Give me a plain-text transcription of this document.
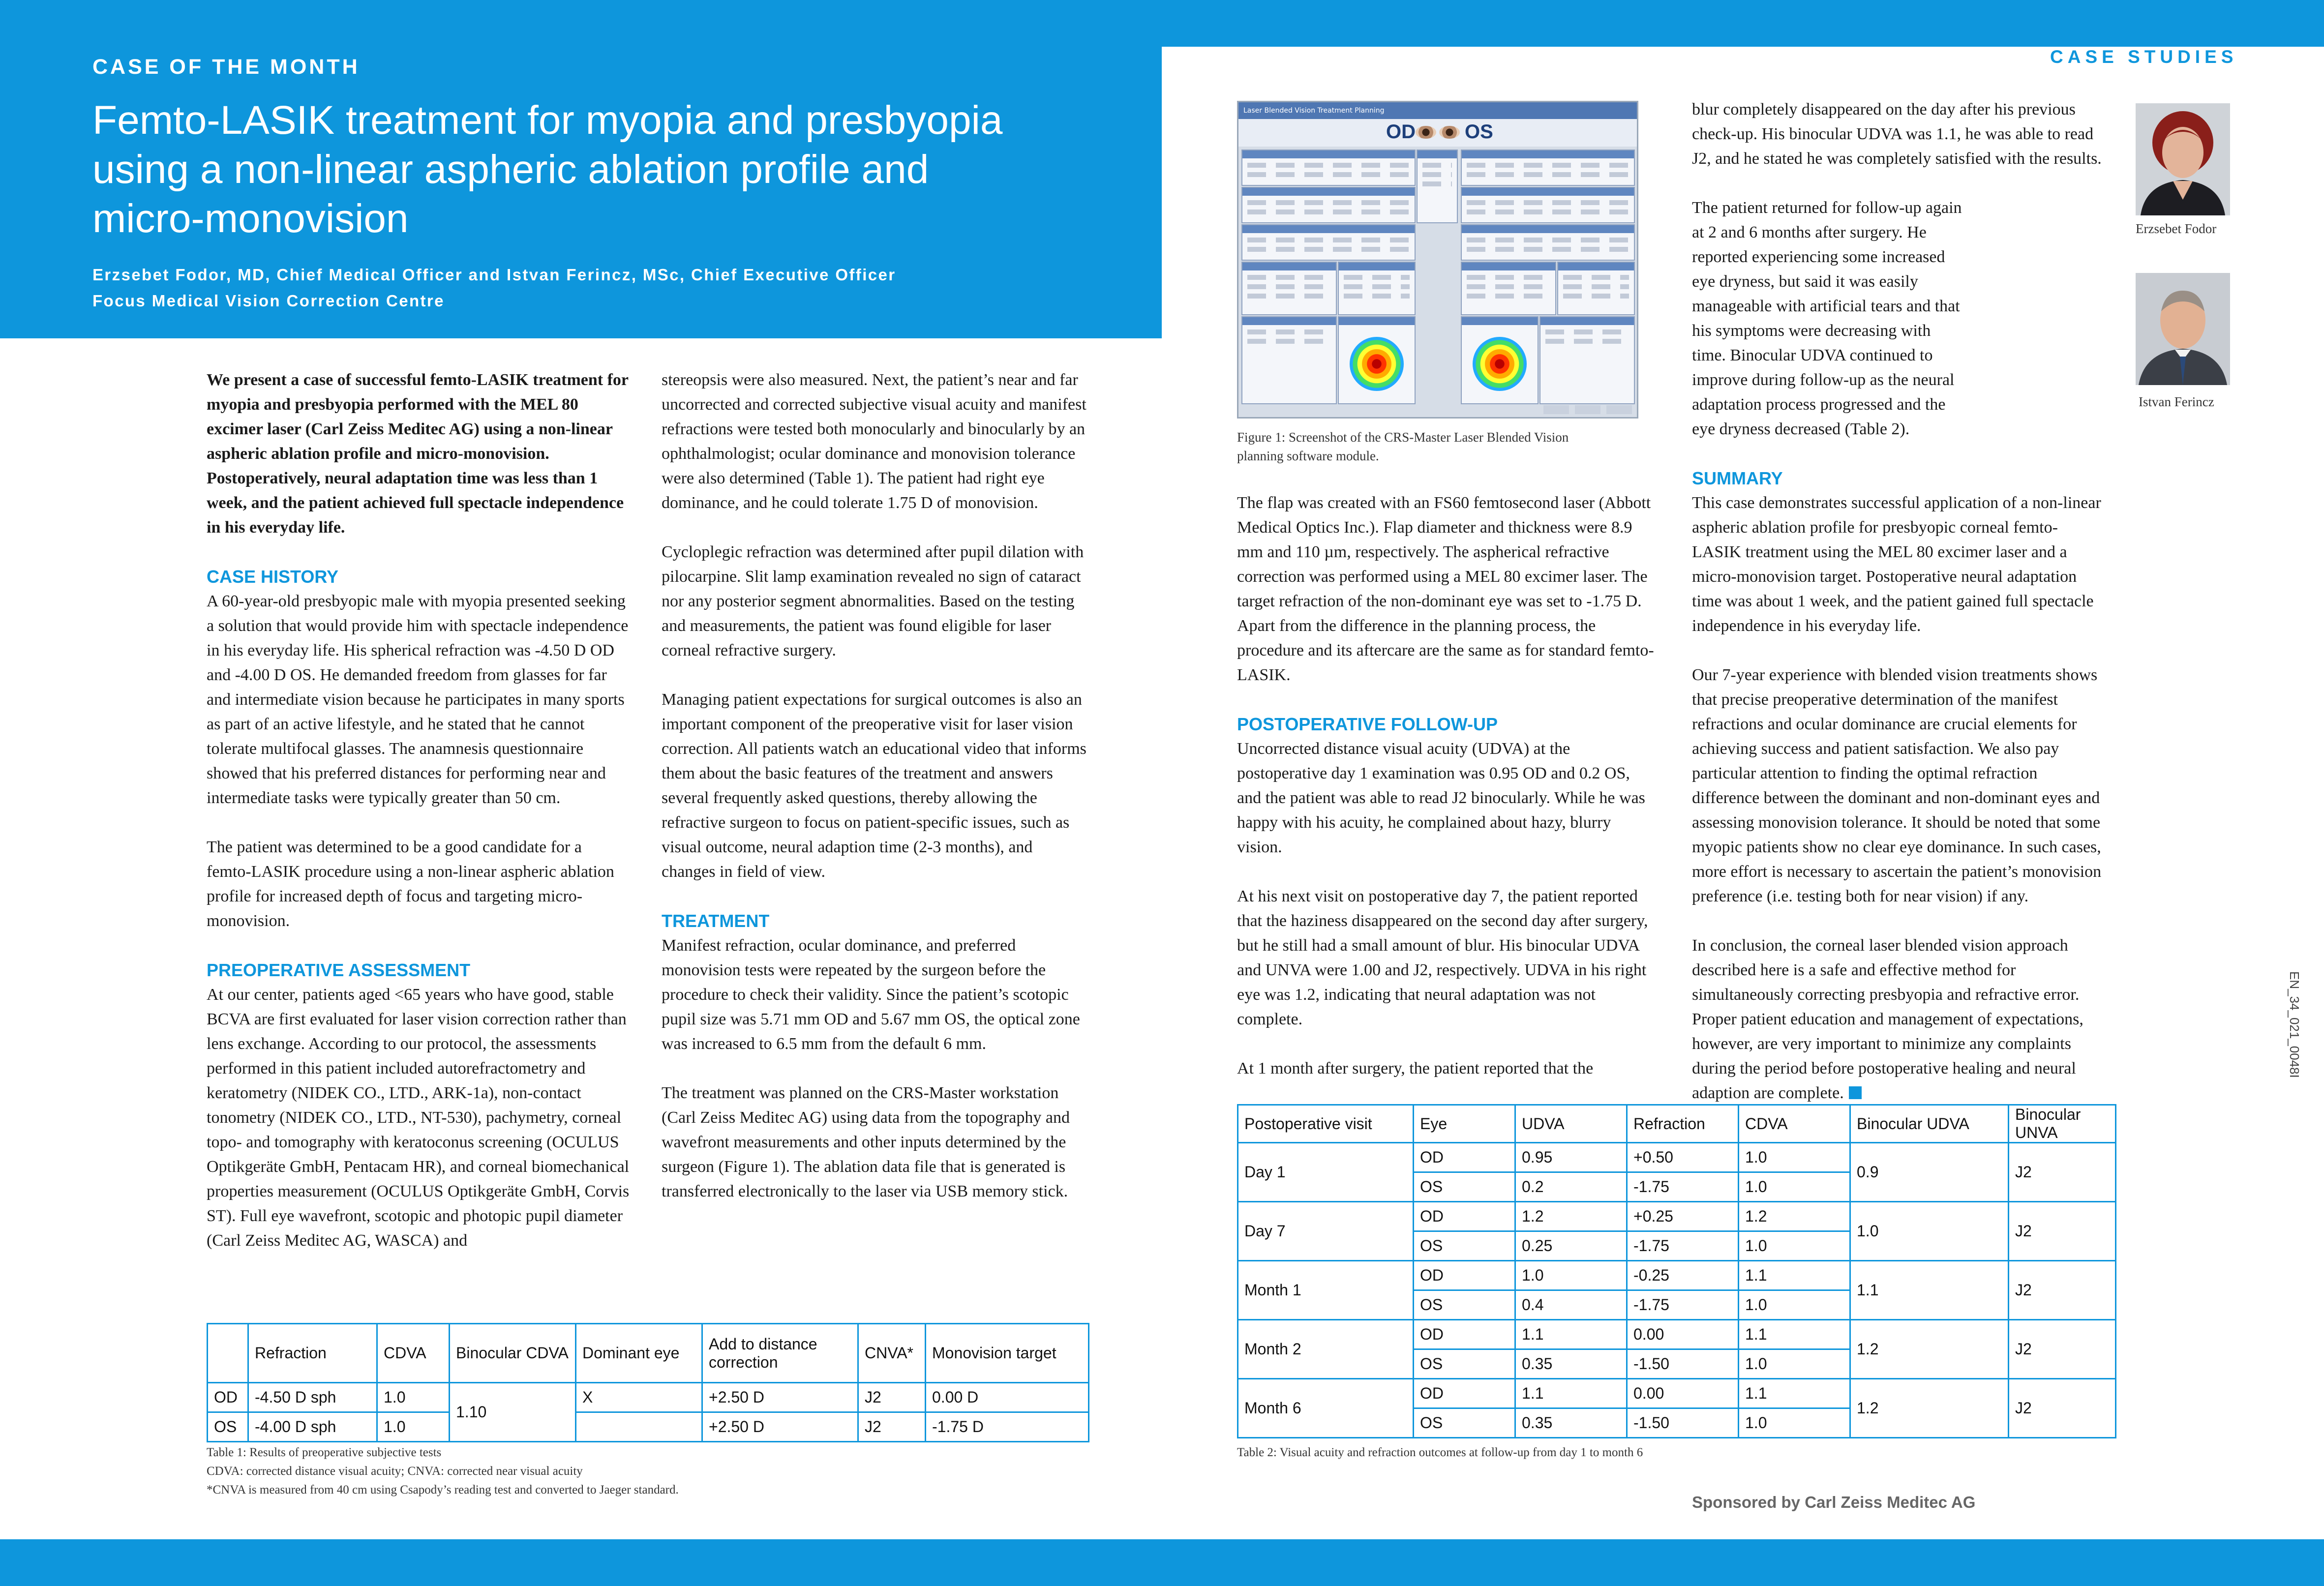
CASE OF THE MONTH
Femto-LASIK treatment for myopia and presbyopia
using a non-linear aspheric ablation profile and
micro-monovision
Erzsebet Fodor, MD, Chief Medical Officer and Istvan Ferincz, MSc, Chief Executive Officer
Focus Medical Vision Correction Centre
CASE STUDIES

We present a case of successful femto-LASIK treatment for myopia and presbyopia performed with the MEL 80 excimer laser (Carl Zeiss Meditec AG) using a non-linear aspheric ablation profile and micro-monovision. Postoperatively, neural adaptation time was less than 1 week, and the patient achieved full spectacle independence in his everyday life.

CASE HISTORY

A 60-year-old presbyopic male with myopia presented seeking a solution that would provide him with spectacle independence in his everyday life. His spherical refraction was -4.50 D OD and -4.00 D OS. He demanded freedom from glasses for far and intermediate vision because he participates in many sports as part of an active lifestyle, and he stated that he cannot tolerate multifocal glasses. The anamnesis questionnaire showed that his preferred distances for performing near and intermediate tasks were typically greater than 50 cm.

The patient was determined to be a good candidate for a femto-LASIK procedure using a non-linear aspheric ablation profile for increased depth of focus and targeting micro-monovision.

PREOPERATIVE ASSESSMENT

At our center, patients aged <65 years who have good, stable BCVA are first evaluated for laser vision correction rather than lens exchange. According to our protocol, the assessments performed in this patient included autorefractometry and keratometry (NIDEK CO., LTD., ARK-1a), non-contact tonometry (NIDEK CO., LTD., NT-530), pachymetry, corneal topo- and tomography with keratoconus screening (OCULUS Optikgeräte GmbH, Pentacam HR), and corneal biomechanical properties measurement (OCULUS Optikgeräte GmbH, Corvis ST). Full eye wavefront, scotopic and photopic pupil diameter (Carl Zeiss Meditec AG, WASCA) and

stereopsis were also measured. Next, the patient’s near and far uncorrected and corrected subjective visual acuity and manifest refractions were tested both monocularly and binocularly by an ophthalmologist; ocular dominance and monovision tolerance were also determined (Table 1). The patient had right eye dominance, and he could tolerate 1.75 D of monovision.

Cycloplegic refraction was determined after pupil dilation with pilocarpine. Slit lamp examination revealed no sign of cataract nor any posterior segment abnormalities. Based on the testing and measurements, the patient was found eligible for laser corneal refractive surgery.

Managing patient expectations for surgical outcomes is also an important component of the preoperative visit for laser vision correction. All patients watch an educational video that informs them about the basic features of the treatment and answers several frequently asked questions, thereby allowing the refractive surgeon to focus on patient-specific issues, such as visual outcome, neural adaption time (2-3 months), and changes in field of view.

TREATMENT

Manifest refraction, ocular dominance, and preferred monovision tests were repeated by the surgeon before the procedure to check their validity. Since the patient’s scotopic pupil size was 5.71 mm OD and 5.67 mm OS, the optical zone was increased to 6.5 mm from the default 6 mm.

The treatment was planned on the CRS-Master workstation (Carl Zeiss Meditec AG) using data from the topography and wavefront measurements and other inputs determined by the surgeon (Figure 1). The ablation data file that is generated is transferred electronically to the laser via USB memory stick.

	Refraction	CDVA	Binocular CDVA	Dominant eye	Add to distance correction	CNVA*	Monovision target
OD	-4.50 D sph	1.0	1.10	X	+2.50 D	J2	0.00 D
OS	-4.00 D sph	1.0			+2.50 D	J2	-1.75 D
Table 1: Results of preoperative subjective tests
CDVA: corrected distance visual acuity; CNVA: corrected near visual acuity
*CNVA is measured from 40 cm using Csapody’s reading test and converted to Jaeger standard.
Laser Blended Vision Treatment Planning
OD	OS
Figure 1: Screenshot of the CRS-Master Laser Blended Vision
planning software module.

The flap was created with an FS60 femtosecond laser (Abbott Medical Optics Inc.). Flap diameter and thickness were 8.9 mm and 110 µm, respectively. The aspherical refractive correction was performed using a MEL 80 excimer laser. The target refraction of the non-dominant eye was set to -1.75 D. Apart from the difference in the planning process, the procedure and its aftercare are the same as for standard femto-LASIK.

POSTOPERATIVE FOLLOW-UP

Uncorrected distance visual acuity (UDVA) at the postoperative day 1 examination was 0.95 OD and 0.2 OS, and the patient was able to read J2 binocularly. While he was happy with his acuity, he complained about hazy, blurry vision.

At his next visit on postoperative day 7, the patient reported that the haziness disappeared on the second day after surgery, but he still had a small amount of blur. His binocular UDVA and UNVA were 1.00 and J2, respectively. UDVA in his right eye was 1.2, indicating that neural adaptation was not complete.

At 1 month after surgery, the patient reported that the

blur completely disappeared on the day after his previous check-up. His binocular UDVA was 1.1, he was able to read J2, and he stated he was completely satisfied with the results.

The patient returned for follow-up again at 2 and 6 months after surgery. He reported experiencing some increased eye dryness, but said it was easily manageable with artificial tears and that his symptoms were decreasing with time. Binocular UDVA continued to improve during follow-up as the neural adaptation process progressed and the eye dryness decreased (Table 2).

SUMMARY

This case demonstrates successful application of a non-linear aspheric ablation profile for presbyopic corneal femto-LASIK treatment using the MEL 80 excimer laser and a micro-monovision target. Postoperative neural adaptation time was about 1 week, and the patient gained full spectacle independence in his everyday life.

Our 7-year experience with blended vision treatments shows that precise preoperative determination of the manifest refractions and ocular dominance are crucial elements for achieving success and patient satisfaction. We also pay particular attention to finding the optimal refraction difference between the dominant and non-dominant eyes and assessing monovision tolerance. It should be noted that some myopic patients show no clear eye dominance. In such cases, more effort is necessary to ascertain the patient’s monovision preference (i.e. testing both for near vision) if any.

In conclusion, the corneal laser blended vision approach described here is a safe and effective method for simultaneously correcting presbyopia and refractive error. Proper patient education and management of expectations, however, are very important to minimize any complaints during the period before postoperative healing and neural adaption are complete.

Erzsebet Fodor
Istvan Ferincz
Postoperative visit	Eye	UDVA	Refraction	CDVA	Binocular UDVA	Binocular UNVA
Day 1	OD	0.95	+0.50	1.0	0.9	J2
	OS	0.2	-1.75	1.0		
Day 7	OD	1.2	+0.25	1.2	1.0	J2
	OS	0.25	-1.75	1.0		
Month 1	OD	1.0	-0.25	1.1	1.1	J2
	OS	0.4	-1.75	1.0		
Month 2	OD	1.1	0.00	1.1	1.2	J2
	OS	0.35	-1.50	1.0		
Month 6	OD	1.1	0.00	1.1	1.2	J2
	OS	0.35	-1.50	1.0		
Table 2: Visual acuity and refraction outcomes at follow-up from day 1 to month 6
Sponsored by Carl Zeiss Meditec AG
EN_34_021_0048I
